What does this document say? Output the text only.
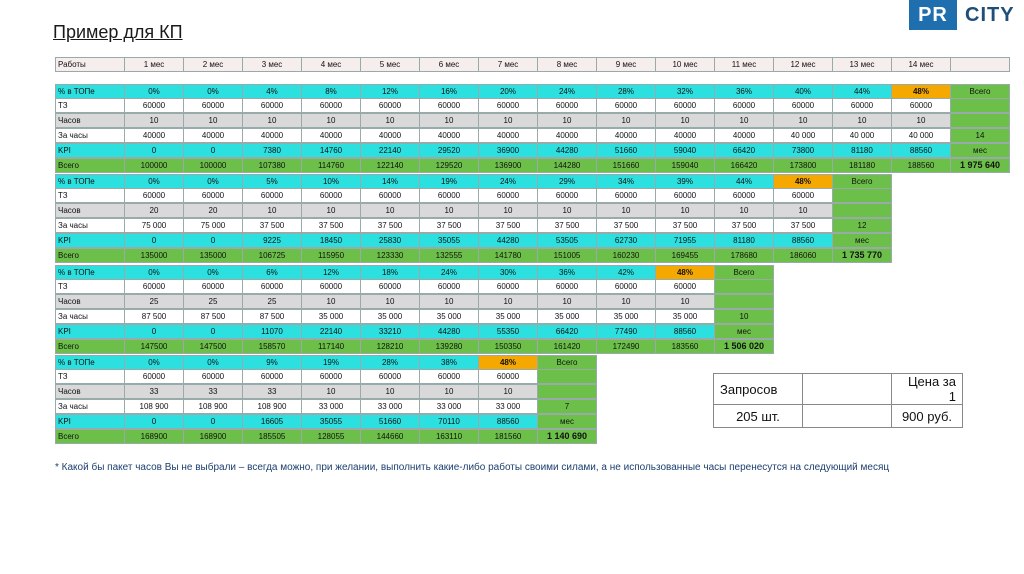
Пример для КП
PR CITY
Работы	1 мес	2 мес	3 мес	4 мес	5 мес	6 мес	7 мес	8 мес	9 мес	10 мес	11 мес	12 мес	13 мес	14 мес
% в ТОПе	0%	0%	4%	8%	12%	16%	20%	24%	28%	32%	36%	40%	44%	48%	Всего
ТЗ	60000	60000	60000	60000	60000	60000	60000	60000	60000	60000	60000	60000	60000	60000
Часов	10	10	10	10	10	10	10	10	10	10	10	10	10	10
За часы	40000	40000	40000	40000	40000	40000	40000	40000	40000	40000	40000	40 000	40 000	40 000	14
KPI	0	0	7380	14760	22140	29520	36900	44280	51660	59040	66420	73800	81180	88560	мес
Всего	100000	100000	107380	114760	122140	129520	136900	144280	151660	159040	166420	173800	181180	188560	1 975 640
% в ТОПе	0%	0%	5%	10%	14%	19%	24%	29%	34%	39%	44%	48%	Всего
ТЗ	60000	60000	60000	60000	60000	60000	60000	60000	60000	60000	60000	60000
Часов	20	20	10	10	10	10	10	10	10	10	10	10
За часы	75 000	75 000	37 500	37 500	37 500	37 500	37 500	37 500	37 500	37 500	37 500	37 500	12
KPI	0	0	9225	18450	25830	35055	44280	53505	62730	71955	81180	88560	мес
Всего	135000	135000	106725	115950	123330	132555	141780	151005	160230	169455	178680	186060	1 735 770
% в ТОПе	0%	0%	6%	12%	18%	24%	30%	36%	42%	48%	Всего
ТЗ	60000	60000	60000	60000	60000	60000	60000	60000	60000	60000
Часов	25	25	25	10	10	10	10	10	10	10
За часы	87 500	87 500	87 500	35 000	35 000	35 000	35 000	35 000	35 000	35 000	10
KPI	0	0	11070	22140	33210	44280	55350	66420	77490	88560	мес
Всего	147500	147500	158570	117140	128210	139280	150350	161420	172490	183560	1 506 020
% в ТОПе	0%	0%	9%	19%	28%	38%	48%	Всего
ТЗ	60000	60000	60000	60000	60000	60000	60000
Часов	33	33	33	10	10	10	10
За часы	108 900	108 900	108 900	33 000	33 000	33 000	33 000	7
KPI	0	0	16605	35055	51660	70110	88560	мес
Всего	168900	168900	185505	128055	144660	163110	181560	1 140 690
Запросов		Цена за 1
205 шт.		900 руб.
* Какой бы пакет часов Вы не выбрали – всегда можно, при желании, выполнить какие-либо работы своими силами, а не использованные часы перенесутся на следующий месяц
